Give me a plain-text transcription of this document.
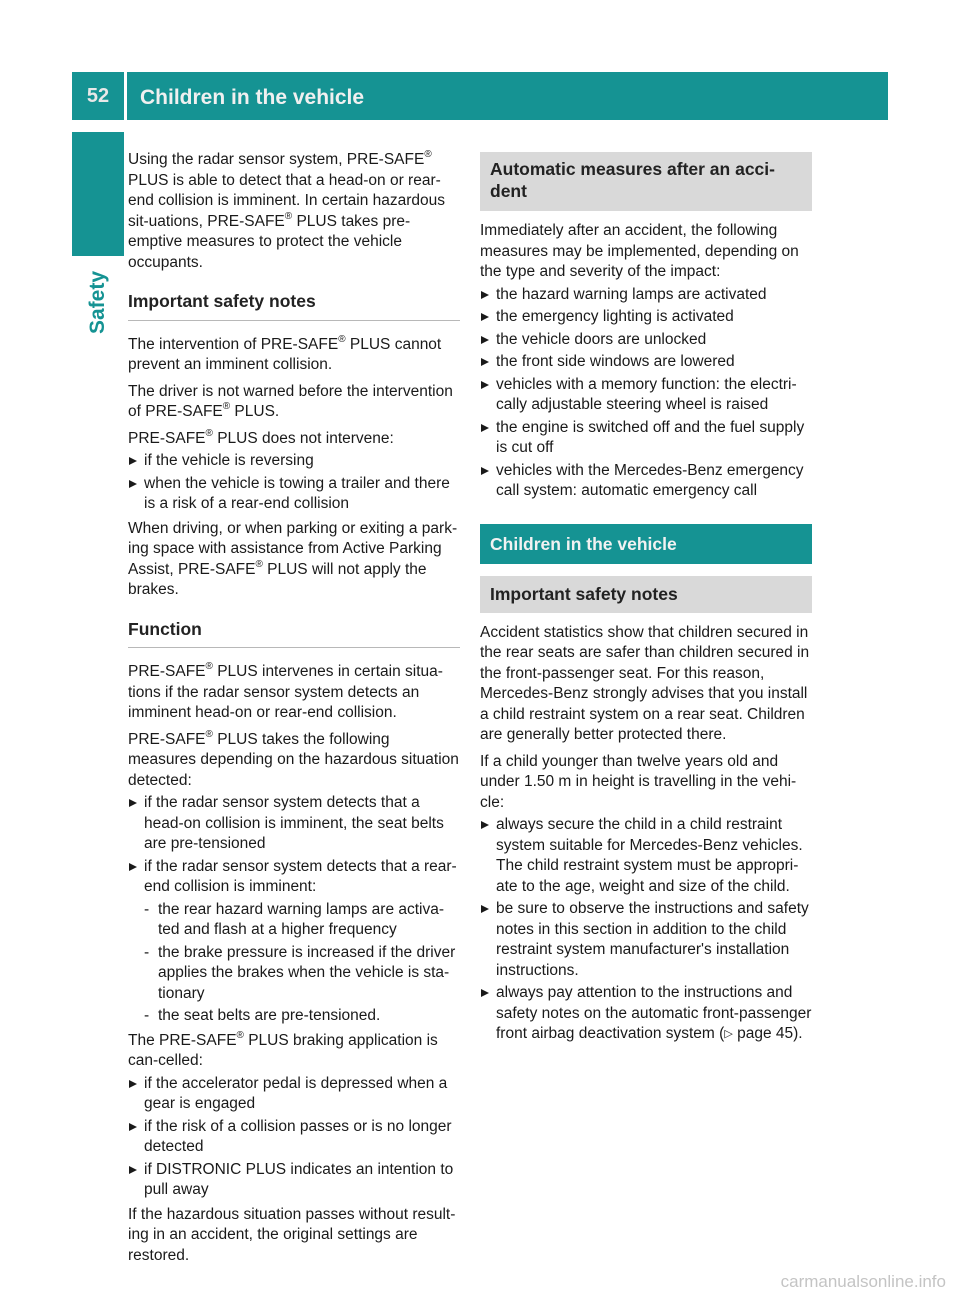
52	Children in the vehicle
Safety

Using the radar sensor system, PRE-SAFE® PLUS is able to detect that a head-on or rear-end collision is imminent. In certain hazardous sit-uations, PRE-SAFE® PLUS takes pre-emptive measures to protect the vehicle occupants.

Important safety notes

The intervention of PRE-SAFE® PLUS cannot prevent an imminent collision.

The driver is not warned before the intervention of PRE-SAFE® PLUS.

PRE-SAFE® PLUS does not intervene:

if the vehicle is reversing
when the vehicle is towing a trailer and there is a risk of a rear-end collision

When driving, or when parking or exiting a park-ing space with assistance from Active Parking Assist, PRE-SAFE® PLUS will not apply the brakes.

Function

PRE-SAFE® PLUS intervenes in certain situa-tions if the radar sensor system detects an imminent head-on or rear-end collision.

PRE-SAFE® PLUS takes the following measures depending on the hazardous situation detected:

if the radar sensor system detects that a head-on collision is imminent, the seat belts are pre-tensioned
if the radar sensor system detects that a rear-end collision is imminent:
- the rear hazard warning lamps are activa-ted and flash at a higher frequency
- the brake pressure is increased if the driver applies the brakes when the vehicle is sta-tionary
- the seat belts are pre-tensioned.

The PRE-SAFE® PLUS braking application is can-celled:

if the accelerator pedal is depressed when a gear is engaged
if the risk of a collision passes or is no longer detected
if DISTRONIC PLUS indicates an intention to pull away

If the hazardous situation passes without result-ing in an accident, the original settings are restored.

Automatic measures after an acci-dent

Immediately after an accident, the following measures may be implemented, depending on the type and severity of the impact:

the hazard warning lamps are activated
the emergency lighting is activated
the vehicle doors are unlocked
the front side windows are lowered
vehicles with a memory function: the electri-cally adjustable steering wheel is raised
the engine is switched off and the fuel supply is cut off
vehicles with the Mercedes-Benz emergency call system: automatic emergency call
Children in the vehicle
Important safety notes

Accident statistics show that children secured in the rear seats are safer than children secured in the front-passenger seat. For this reason, Mercedes-Benz strongly advises that you install a child restraint system on a rear seat. Children are generally better protected there.

If a child younger than twelve years old and under 1.50 m in height is travelling in the vehi-cle:

always secure the child in a child restraint system suitable for Mercedes-Benz vehicles. The child restraint system must be appropri-ate to the age, weight and size of the child.
be sure to observe the instructions and safety notes in this section in addition to the child restraint system manufacturer's installation instructions.
always pay attention to the instructions and safety notes on the automatic front-passenger front airbag deactivation system (▷ page 45).
carmanualsonline.info
